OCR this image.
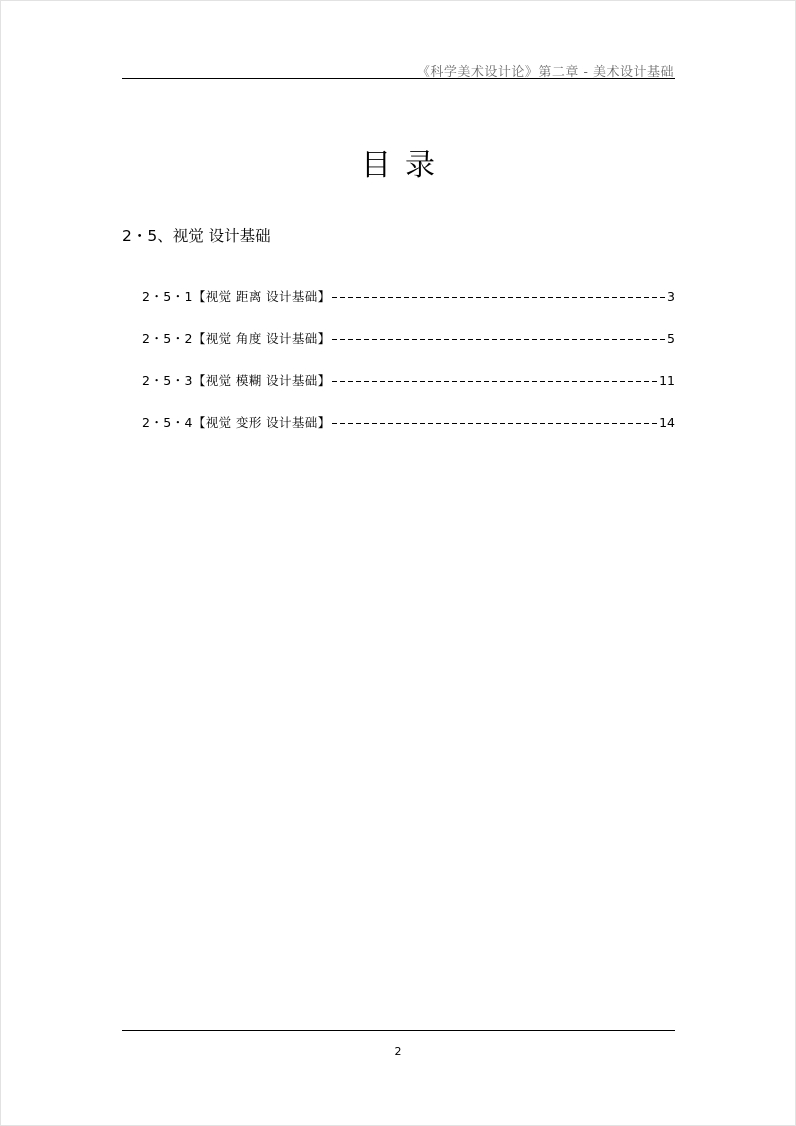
《科学美术设计论》第二章 - 美术设计基础
目录
2・5、视觉 设计基础
2・5・1【视觉 距离 设计基础】	3
2・5・2【视觉 角度 设计基础】	5
2・5・3【视觉 模糊 设计基础】	11
2・5・4【视觉 变形 设计基础】	14
2
